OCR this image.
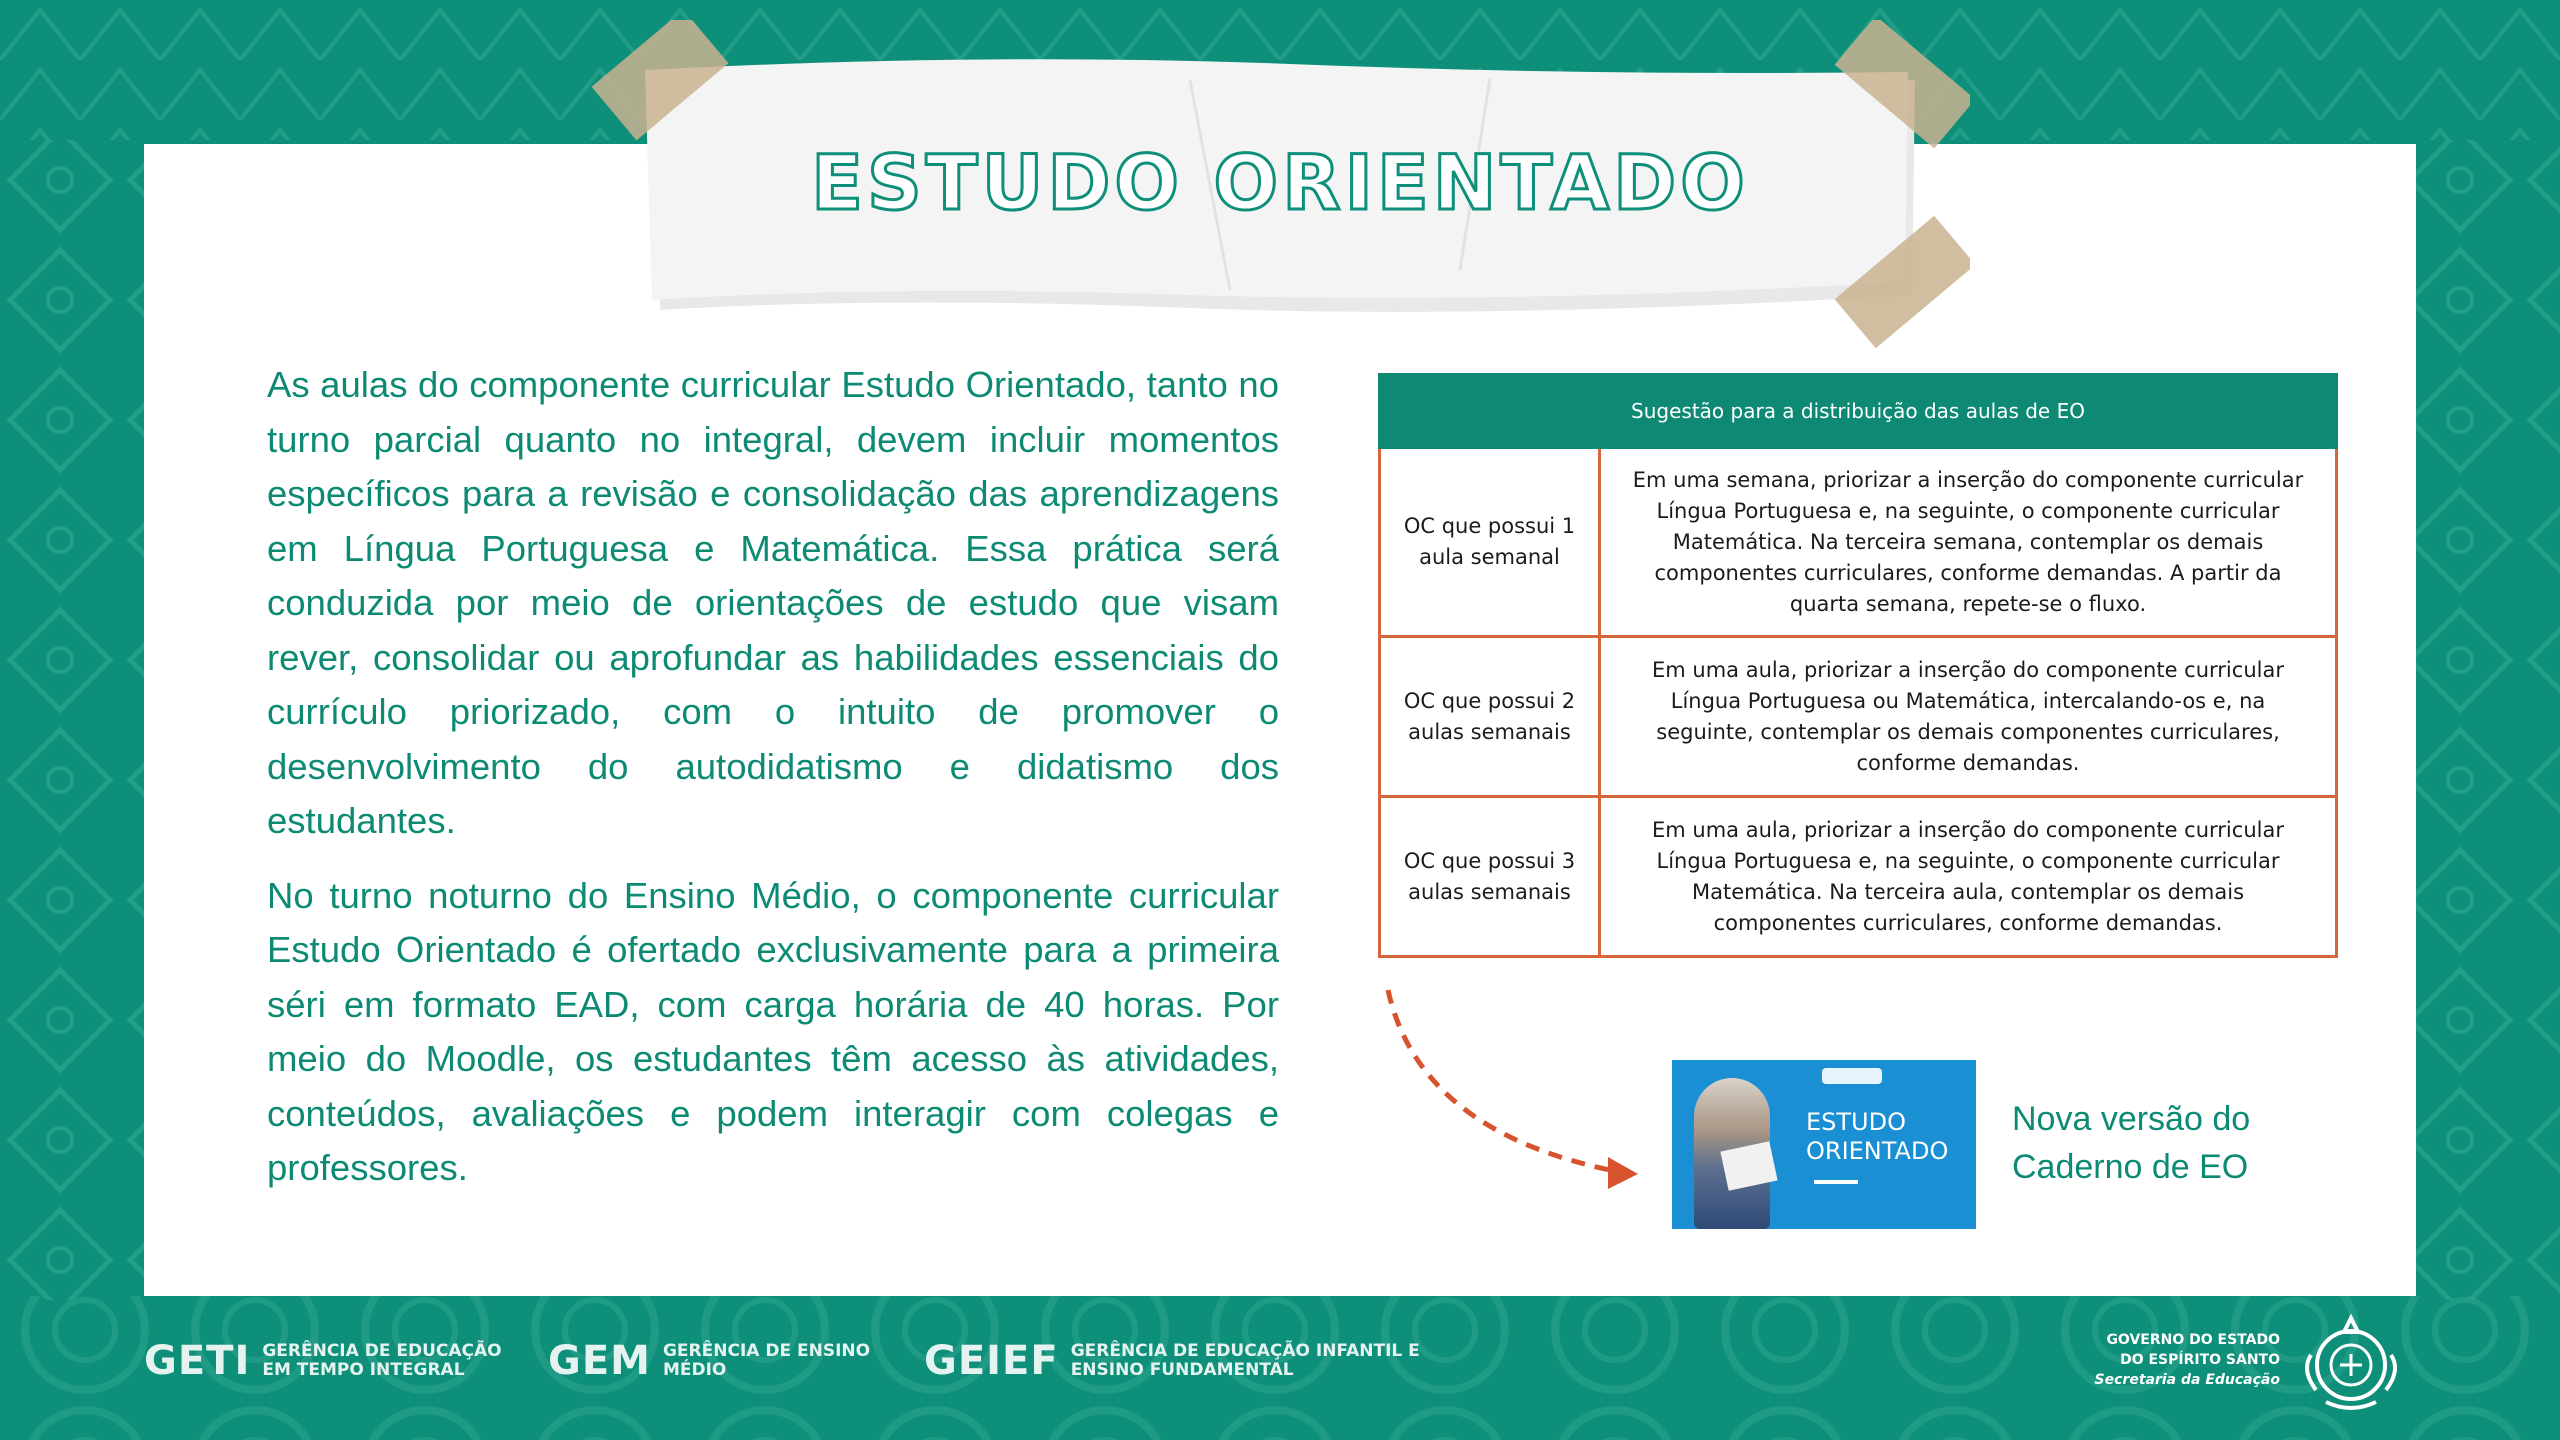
ESTUDO ORIENTADO

As aulas do componente curricular Estudo Orientado, tanto no turno parcial quanto no integral, devem incluir momentos específicos para a revisão e consolidação das aprendizagens em Língua Portuguesa e Matemática. Essa prática será conduzida por meio de orientações de estudo que visam rever, consolidar ou aprofundar as habilidades essenciais do currículo priorizado, com o intuito de promover o desenvolvimento do autodidatismo e didatismo dos estudantes.

No turno noturno do Ensino Médio, o componente curricular Estudo Orientado é ofertado exclusivamente para a primeira séri em formato EAD, com carga horária de 40 horas. Por meio do Moodle, os estudantes têm acesso às atividades, conteúdos, avaliações e podem interagir com colegas e professores.

Sugestão para a distribuição das aulas de EO	
OC que possui 1 aula semanal	Em uma semana, priorizar a inserção do componente curricular Língua Portuguesa e, na seguinte, o componente curricular Matemática. Na terceira semana, contemplar os demais componentes curriculares, conforme demandas. A partir da quarta semana, repete-se o fluxo.
OC que possui 2 aulas semanais	Em uma aula, priorizar a inserção do componente curricular Língua Portuguesa ou Matemática, intercalando-os e, na seguinte, contemplar os demais componentes curriculares, conforme demandas.
OC que possui 3 aulas semanais	Em uma aula, priorizar a inserção do componente curricular Língua Portuguesa e, na seguinte, o componente curricular Matemática. Na terceira aula, contemplar os demais componentes curriculares, conforme demandas.
ESTUDO
ORIENTADO
Nova versão do
Caderno de EO
GETI GERÊNCIA DE EDUCAÇÃO
EM TEMPO INTEGRAL	GEM GERÊNCIA DE ENSINO
MÉDIO	GEIEF GERÊNCIA DE EDUCAÇÃO INFANTIL E
ENSINO FUNDAMENTAL
GOVERNO DO ESTADO
DO ESPÍRITO SANTO
Secretaria da Educação
